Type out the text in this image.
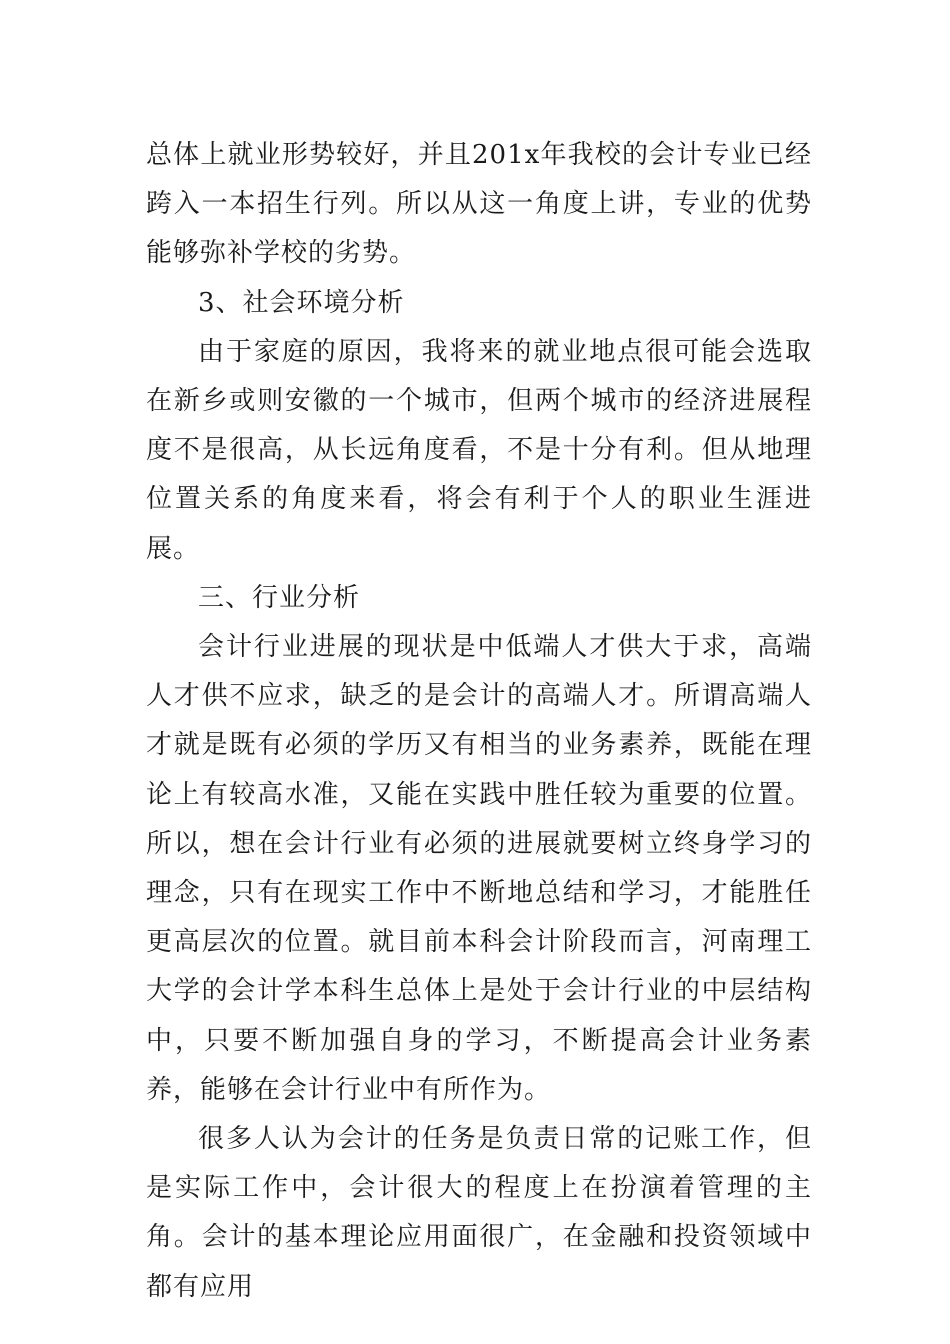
总体上就业形势较好，并且201x年我校的会计专业已经跨入一本招生行列。所以从这一角度上讲，专业的优势能够弥补学校的劣势。

3、社会环境分析

由于家庭的原因，我将来的就业地点很可能会选取在新乡或则安徽的一个城市，但两个城市的经济进展程度不是很高，从长远角度看，不是十分有利。但从地理位置关系的角度来看，将会有利于个人的职业生涯进展。

三、行业分析

会计行业进展的现状是中低端人才供大于求，高端人才供不应求，缺乏的是会计的高端人才。所谓高端人才就是既有必须的学历又有相当的业务素养，既能在理论上有较高水准，又能在实践中胜任较为重要的位置。所以，想在会计行业有必须的进展就要树立终身学习的理念，只有在现实工作中不断地总结和学习，才能胜任更高层次的位置。就目前本科会计阶段而言，河南理工大学的会计学本科生总体上是处于会计行业的中层结构中，只要不断加强自身的学习，不断提高会计业务素养，能够在会计行业中有所作为。

很多人认为会计的任务是负责日常的记账工作，但是实际工作中，会计很大的程度上在扮演着管理的主角。会计的基本理论应用面很广，在金融和投资领域中都有应用
